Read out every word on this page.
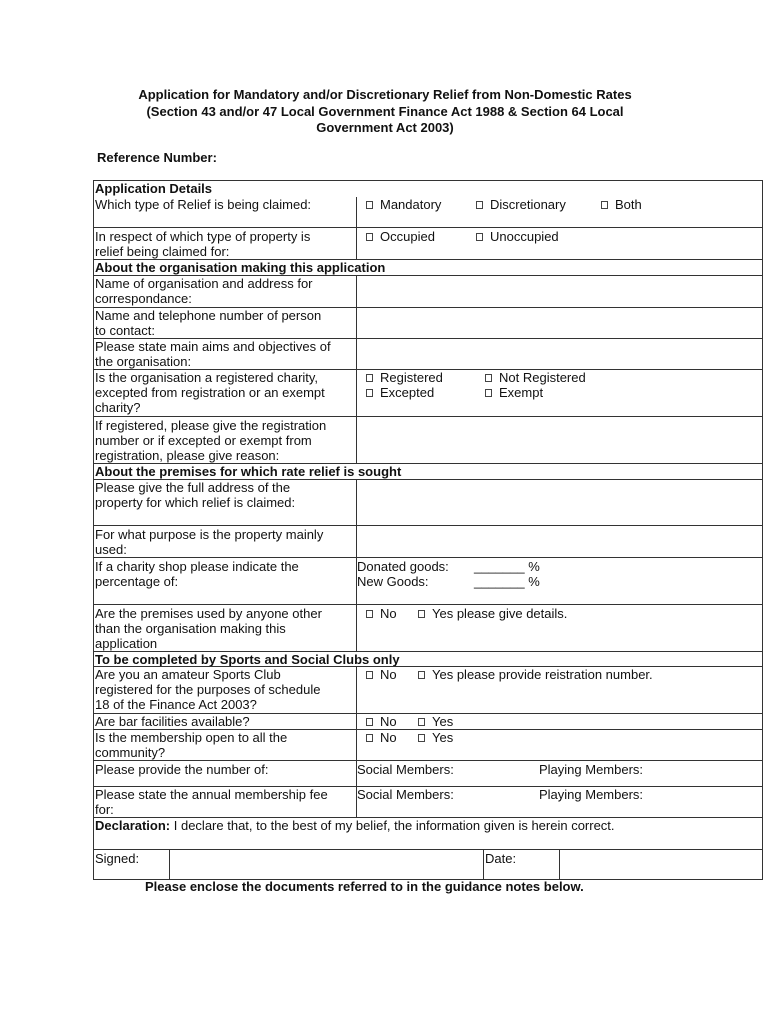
Application for Mandatory and/or Discretionary Relief from Non-Domestic Rates
(Section 43 and/or 47 Local Government Finance Act 1988 & Section 64 Local
Government Act 2003)
Reference Number:
Application Details
Which type of Relief is being claimed:	Mandatory	Discretionary	Both
In respect of which type of property is
relief being claimed for:
Occupied	Unoccupied
About the organisation making this application
Name of organisation and address for
correspondance:
Name and telephone number of person
to contact:
Please state main aims and objectives of
the organisation:
Is the organisation a registered charity,
excepted from registration or an exempt
charity?
Registered	Not Registered
Excepted	Exempt
If registered, please give the registration
number or if excepted or exempt from
registration, please give reason:
About the premises for which rate relief is sought
Please give the full address of the
property for which relief is claimed:
For what purpose is the property mainly
used:
If a charity shop please indicate the
percentage of:
Donated goods: _______ %
New Goods:	_______ %
Are the premises used by anyone other
than the organisation making this
application
No	Yes please give details.
To be completed by Sports and Social Clubs only
Are you an amateur Sports Club
registered for the purposes of schedule
18 of the Finance Act 2003?
No	Yes please provide reistration number.
Are bar facilities available?	No	Yes
Is the membership open to all the
community?
No	Yes
Please provide the number of:	Social Members:	Playing Members:
Please state the annual membership fee
for:
Social Members:	Playing Members:
Declaration: I declare that, to the best of my belief, the information given is herein correct.
Signed:	Date:
Please enclose the documents referred to in the guidance notes below.
